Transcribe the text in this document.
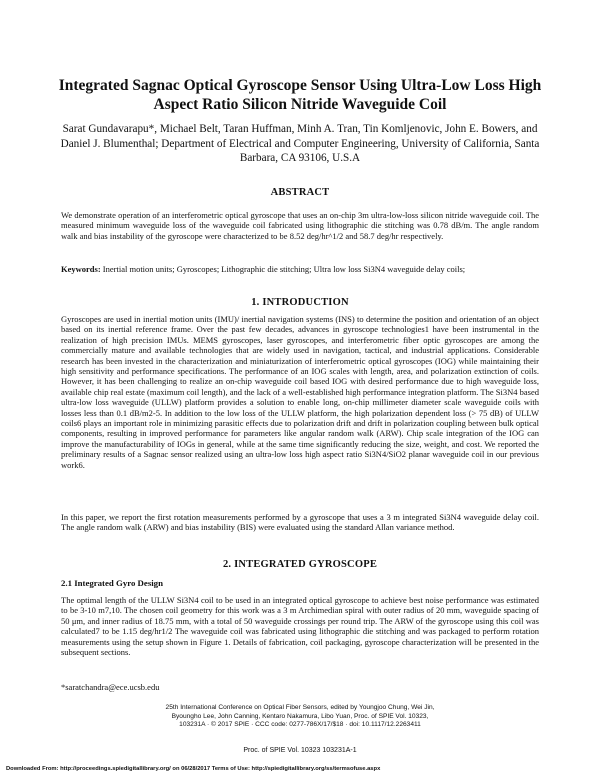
Integrated Sagnac Optical Gyroscope Sensor Using Ultra-Low Loss High Aspect Ratio Silicon Nitride Waveguide Coil
Sarat Gundavarapu*, Michael Belt, Taran Huffman, Minh A. Tran, Tin Komljenovic, John E. Bowers, and Daniel J. Blumenthal; Department of Electrical and Computer Engineering, University of California, Santa Barbara, CA 93106, U.S.A
ABSTRACT
We demonstrate operation of an interferometric optical gyroscope that uses an on-chip 3m ultra-low-loss silicon nitride waveguide coil. The measured minimum waveguide loss of the waveguide coil fabricated using lithographic die stitching was 0.78 dB/m. The angle random walk and bias instability of the gyroscope were characterized to be 8.52 deg/hr^1/2 and 58.7 deg/hr respectively.
Keywords: Inertial motion units; Gyroscopes; Lithographic die stitching; Ultra low loss Si3N4 waveguide delay coils;
1. INTRODUCTION
Gyroscopes are used in inertial motion units (IMU)/ inertial navigation systems (INS) to determine the position and orientation of an object based on its inertial reference frame. Over the past few decades, advances in gyroscope technologies1 have been instrumental in the realization of high precision IMUs. MEMS gyroscopes, laser gyroscopes, and interferometric fiber optic gyroscopes are among the commercially mature and available technologies that are widely used in navigation, tactical, and industrial applications. Considerable research has been invested in the characterization and miniaturization of interferometric optical gyroscopes (IOG) while maintaining their high sensitivity and performance specifications. The performance of an IOG scales with length, area, and polarization extinction of coils. However, it has been challenging to realize an on-chip waveguide coil based IOG with desired performance due to high waveguide loss, available chip real estate (maximum coil length), and the lack of a well-established high performance integration platform. The Si3N4 based ultra-low loss waveguide (ULLW) platform provides a solution to enable long, on-chip millimeter diameter scale waveguide coils with losses less than 0.1 dB/m2-5. In addition to the low loss of the ULLW platform, the high polarization dependent loss (> 75 dB) of ULLW coils6 plays an important role in minimizing parasitic effects due to polarization drift and drift in polarization coupling between bulk optical components, resulting in improved performance for parameters like angular random walk (ARW). Chip scale integration of the IOG can improve the manufacturability of IOGs in general, while at the same time significantly reducing the size, weight, and cost. We reported the preliminary results of a Sagnac sensor realized using an ultra-low loss high aspect ratio Si3N4/SiO2 planar waveguide coil in our previous work6.
In this paper, we report the first rotation measurements performed by a gyroscope that uses a 3 m integrated Si3N4 waveguide delay coil. The angle random walk (ARW) and bias instability (BIS) were evaluated using the standard Allan variance method.
2. INTEGRATED GYROSCOPE
2.1 Integrated Gyro Design
The optimal length of the ULLW Si3N4 coil to be used in an integrated optical gyroscope to achieve best noise performance was estimated to be 3-10 m7,10. The chosen coil geometry for this work was a 3 m Archimedian spiral with outer radius of 20 mm, waveguide spacing of 50 μm, and inner radius of 18.75 mm, with a total of 50 waveguide crossings per round trip. The ARW of the gyroscope using this coil was calculated7 to be 1.15 deg/hr1/2 The waveguide coil was fabricated using lithographic die stitching and was packaged to perform rotation measurements using the setup shown in Figure 1. Details of fabrication, coil packaging, gyroscope characterization will be presented in the subsequent sections.
*saratchandra@ece.ucsb.edu
25th International Conference on Optical Fiber Sensors, edited by Youngjoo Chung, Wei Jin,
Byoungho Lee, John Canning, Kentaro Nakamura, Libo Yuan, Proc. of SPIE Vol. 10323,
103231A · © 2017 SPIE · CCC code: 0277-786X/17/$18 · doi: 10.1117/12.2263411
Proc. of SPIE Vol. 10323 103231A-1
Downloaded From: http://proceedings.spiedigitallibrary.org/ on 06/28/2017 Terms of Use: http://spiedigitallibrary.org/ss/termsofuse.aspx
